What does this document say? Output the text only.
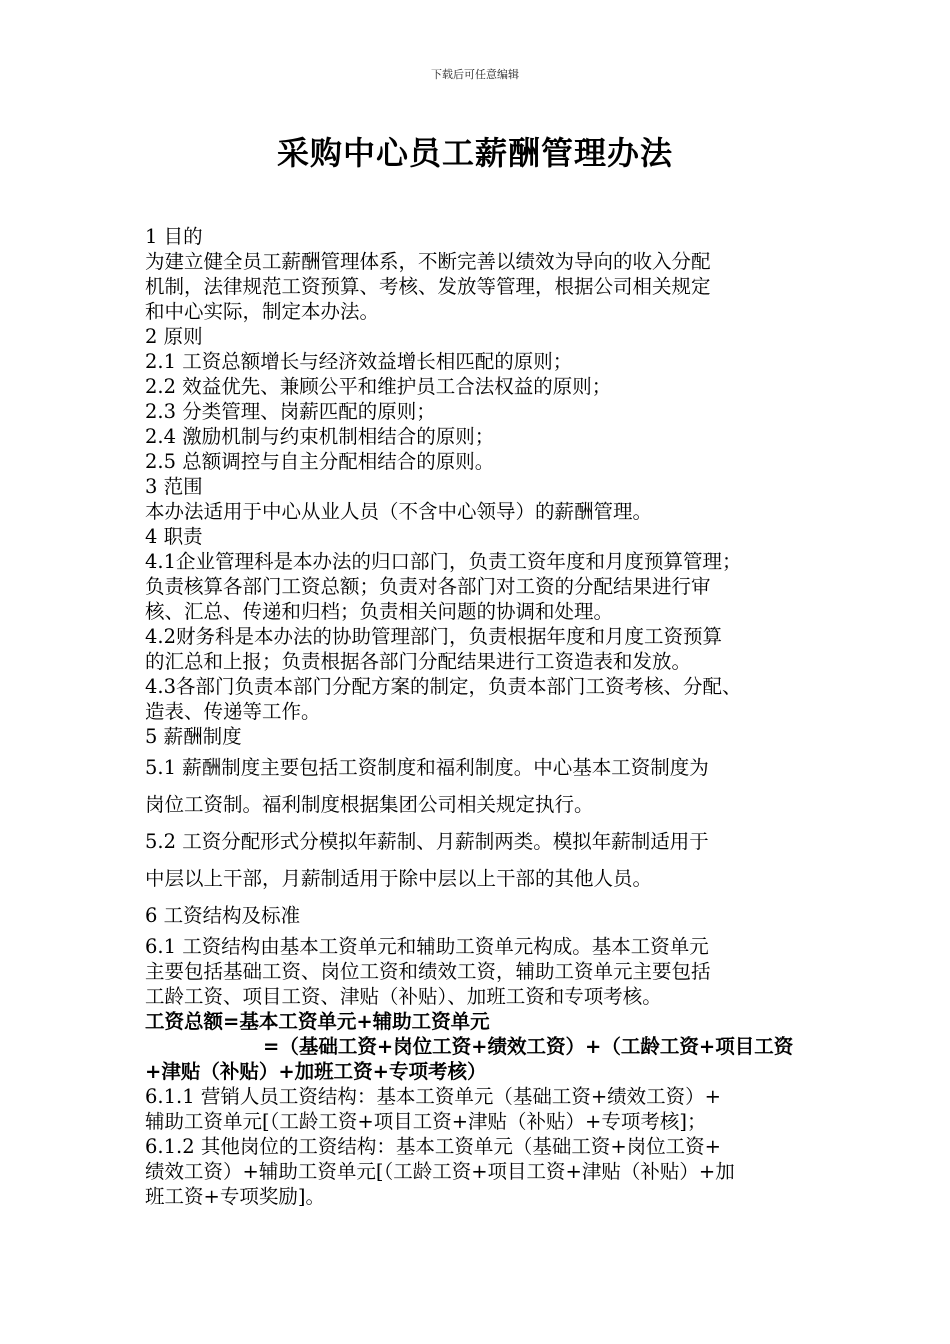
下载后可任意编辑
采购中心员工薪酬管理办法
1 目的
为建立健全员工薪酬管理体系，不断完善以绩效为导向的收入分配
机制，法律规范工资预算、考核、发放等管理，根据公司相关规定
和中心实际，制定本办法。
2 原则
2.1 工资总额增长与经济效益增长相匹配的原则；
2.2 效益优先、兼顾公平和维护员工合法权益的原则；
2.3 分类管理、岗薪匹配的原则；
2.4 激励机制与约束机制相结合的原则；
2.5 总额调控与自主分配相结合的原则。
3 范围
本办法适用于中心从业人员（不含中心领导）的薪酬管理。
4 职责
4.1企业管理科是本办法的归口部门，负责工资年度和月度预算管理；
负责核算各部门工资总额；负责对各部门对工资的分配结果进行审
核、汇总、传递和归档；负责相关问题的协调和处理。
4.2财务科是本办法的协助管理部门，负责根据年度和月度工资预算
的汇总和上报；负责根据各部门分配结果进行工资造表和发放。
4.3各部门负责本部门分配方案的制定，负责本部门工资考核、分配、
造表、传递等工作。
5 薪酬制度
5.1 薪酬制度主要包括工资制度和福利制度。中心基本工资制度为
岗位工资制。福利制度根据集团公司相关规定执行。
5.2 工资分配形式分模拟年薪制、月薪制两类。模拟年薪制适用于
中层以上干部，月薪制适用于除中层以上干部的其他人员。
6 工资结构及标准
6.1 工资结构由基本工资单元和辅助工资单元构成。基本工资单元
主要包括基础工资、岗位工资和绩效工资，辅助工资单元主要包括
工龄工资、项目工资、津贴（补贴）、加班工资和专项考核。
工资总额=基本工资单元+辅助工资单元
=（基础工资+岗位工资+绩效工资）+（工龄工资+项目工资
+津贴（补贴）+加班工资+专项考核）
6.1.1 营销人员工资结构：基本工资单元（基础工资+绩效工资）+
辅助工资单元[（工龄工资+项目工资+津贴（补贴）+专项考核]；
6.1.2 其他岗位的工资结构：基本工资单元（基础工资+岗位工资+
绩效工资）+辅助工资单元[（工龄工资+项目工资+津贴（补贴）+加
班工资+专项奖励]。
